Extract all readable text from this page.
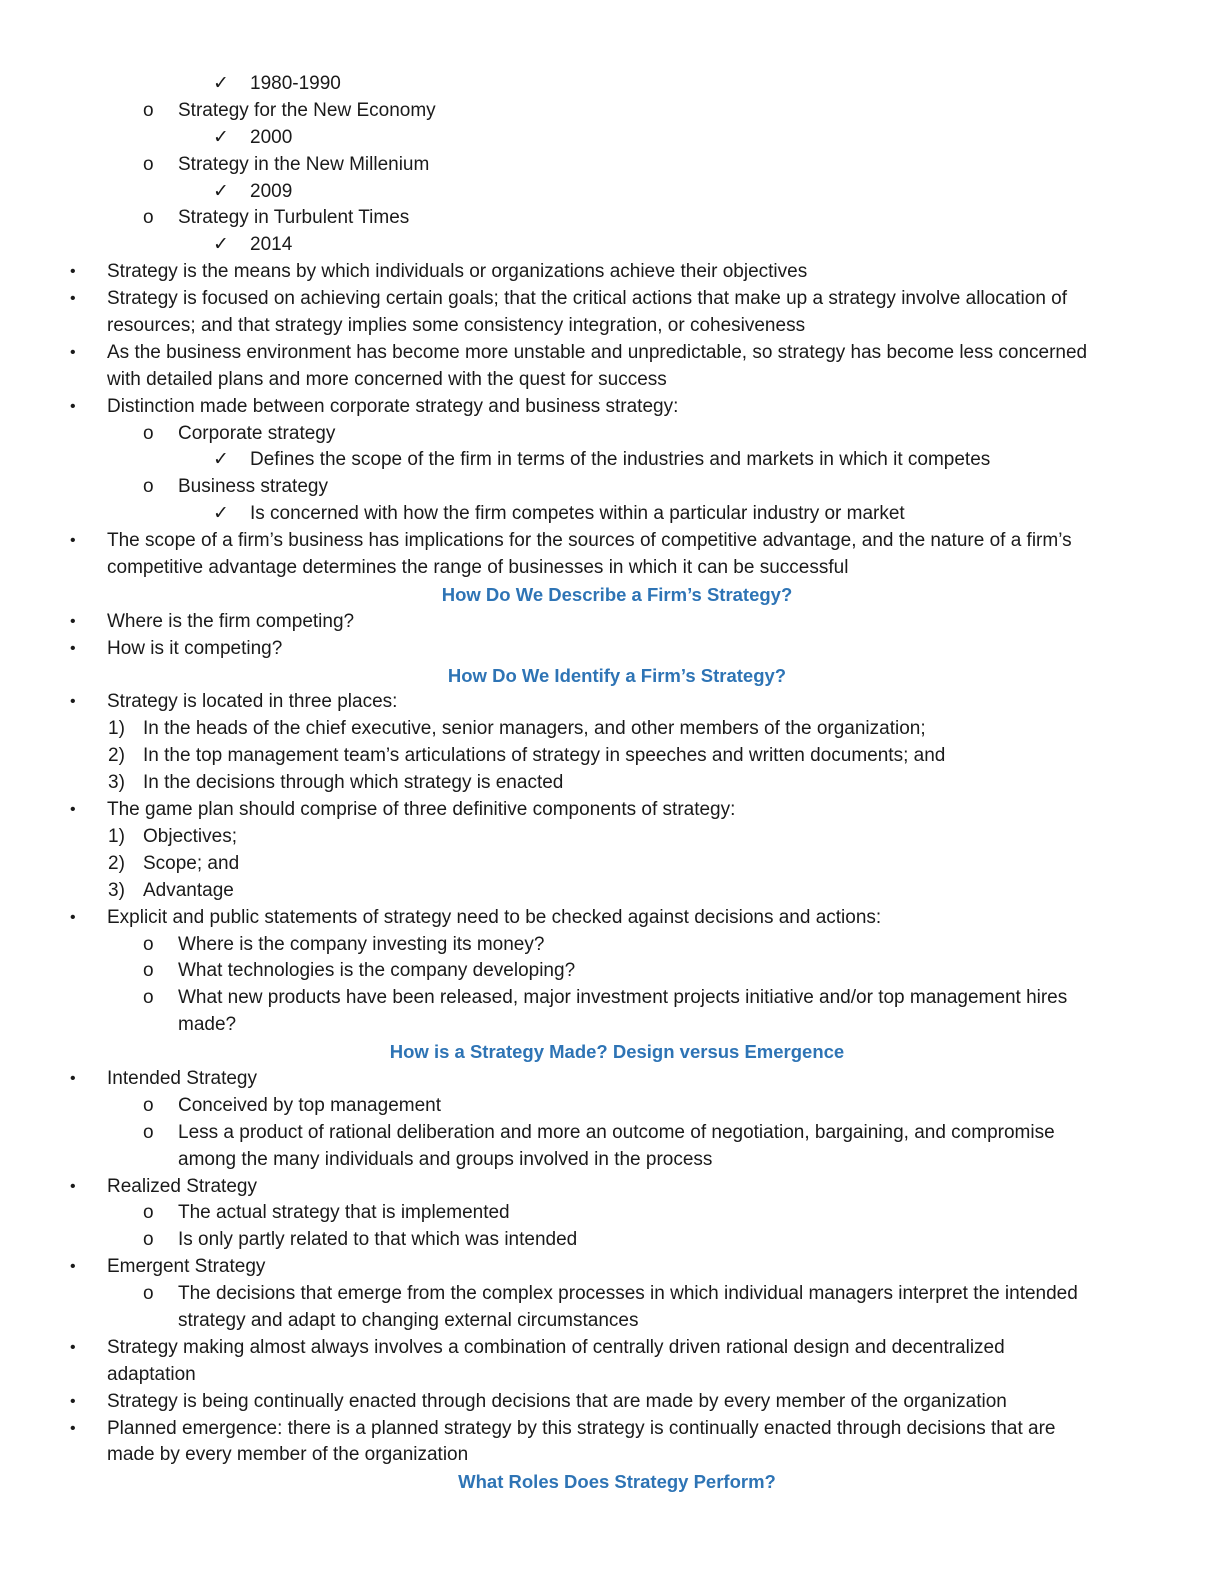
✓ 1980-1990
o Strategy for the New Economy
✓ 2000
o Strategy in the New Millenium
✓ 2009
o Strategy in Turbulent Times
✓ 2014
• Strategy is the means by which individuals or organizations achieve their objectives
• Strategy is focused on achieving certain goals; that the critical actions that make up a strategy involve allocation of
resources; and that strategy implies some consistency integration, or cohesiveness
• As the business environment has become more unstable and unpredictable, so strategy has become less concerned
with detailed plans and more concerned with the quest for success
• Distinction made between corporate strategy and business strategy:
o Corporate strategy
✓ Defines the scope of the firm in terms of the industries and markets in which it competes
o Business strategy
✓ Is concerned with how the firm competes within a particular industry or market
• The scope of a firm’s business has implications for the sources of competitive advantage, and the nature of a firm’s
competitive advantage determines the range of businesses in which it can be successful
How Do We Describe a Firm’s Strategy?
• Where is the firm competing?
• How is it competing?
How Do We Identify a Firm’s Strategy?
• Strategy is located in three places:
1) In the heads of the chief executive, senior managers, and other members of the organization;
2) In the top management team’s articulations of strategy in speeches and written documents; and
3) In the decisions through which strategy is enacted
• The game plan should comprise of three definitive components of strategy:
1) Objectives;
2) Scope; and
3) Advantage
• Explicit and public statements of strategy need to be checked against decisions and actions:
o Where is the company investing its money?
o What technologies is the company developing?
o What new products have been released, major investment projects initiative and/or top management hires
made?
How is a Strategy Made? Design versus Emergence
• Intended Strategy
o Conceived by top management
o Less a product of rational deliberation and more an outcome of negotiation, bargaining, and compromise
among the many individuals and groups involved in the process
• Realized Strategy
o The actual strategy that is implemented
o Is only partly related to that which was intended
• Emergent Strategy
o The decisions that emerge from the complex processes in which individual managers interpret the intended
strategy and adapt to changing external circumstances
• Strategy making almost always involves a combination of centrally driven rational design and decentralized
adaptation
• Strategy is being continually enacted through decisions that are made by every member of the organization
• Planned emergence: there is a planned strategy by this strategy is continually enacted through decisions that are
made by every member of the organization
What Roles Does Strategy Perform?
